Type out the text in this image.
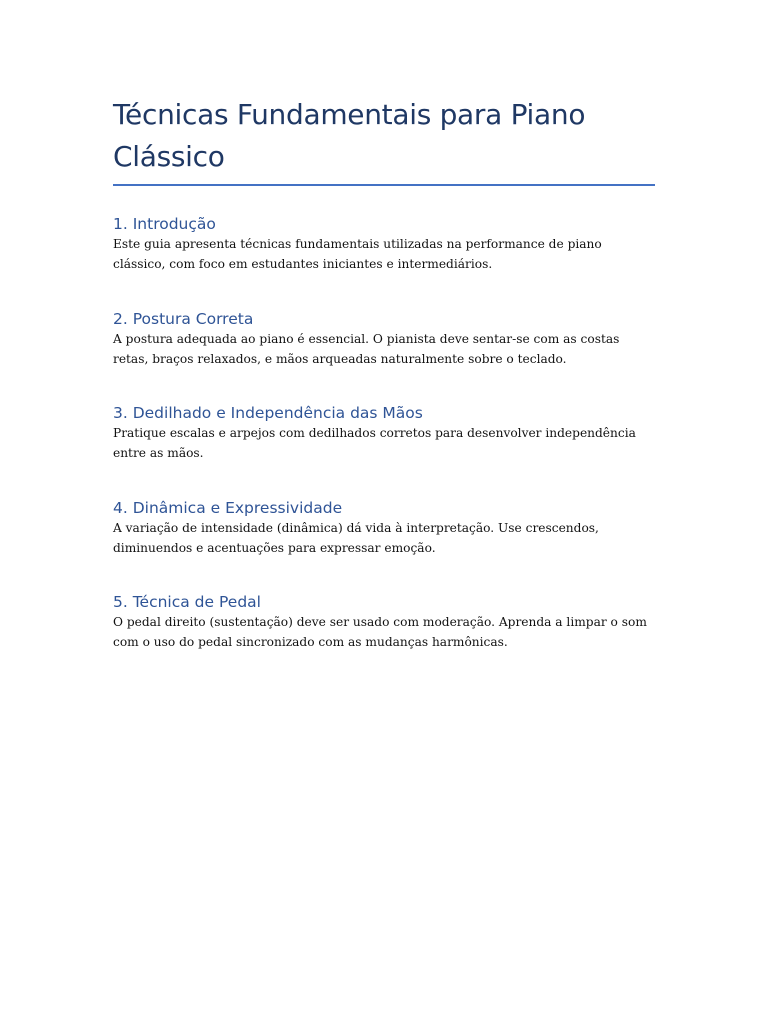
Técnicas Fundamentais para Piano Clássico
1. Introdução

Este guia apresenta técnicas fundamentais utilizadas na performance de piano clássico, com foco em estudantes iniciantes e intermediários.

2. Postura Correta

A postura adequada ao piano é essencial. O pianista deve sentar-se com as costas retas, braços relaxados, e mãos arqueadas naturalmente sobre o teclado.

3. Dedilhado e Independência das Mãos

Pratique escalas e arpejos com dedilhados corretos para desenvolver independência entre as mãos.

4. Dinâmica e Expressividade

A variação de intensidade (dinâmica) dá vida à interpretação. Use crescendos, diminuendos e acentuações para expressar emoção.

5. Técnica de Pedal

O pedal direito (sustentação) deve ser usado com moderação. Aprenda a limpar o som com o uso do pedal sincronizado com as mudanças harmônicas.
